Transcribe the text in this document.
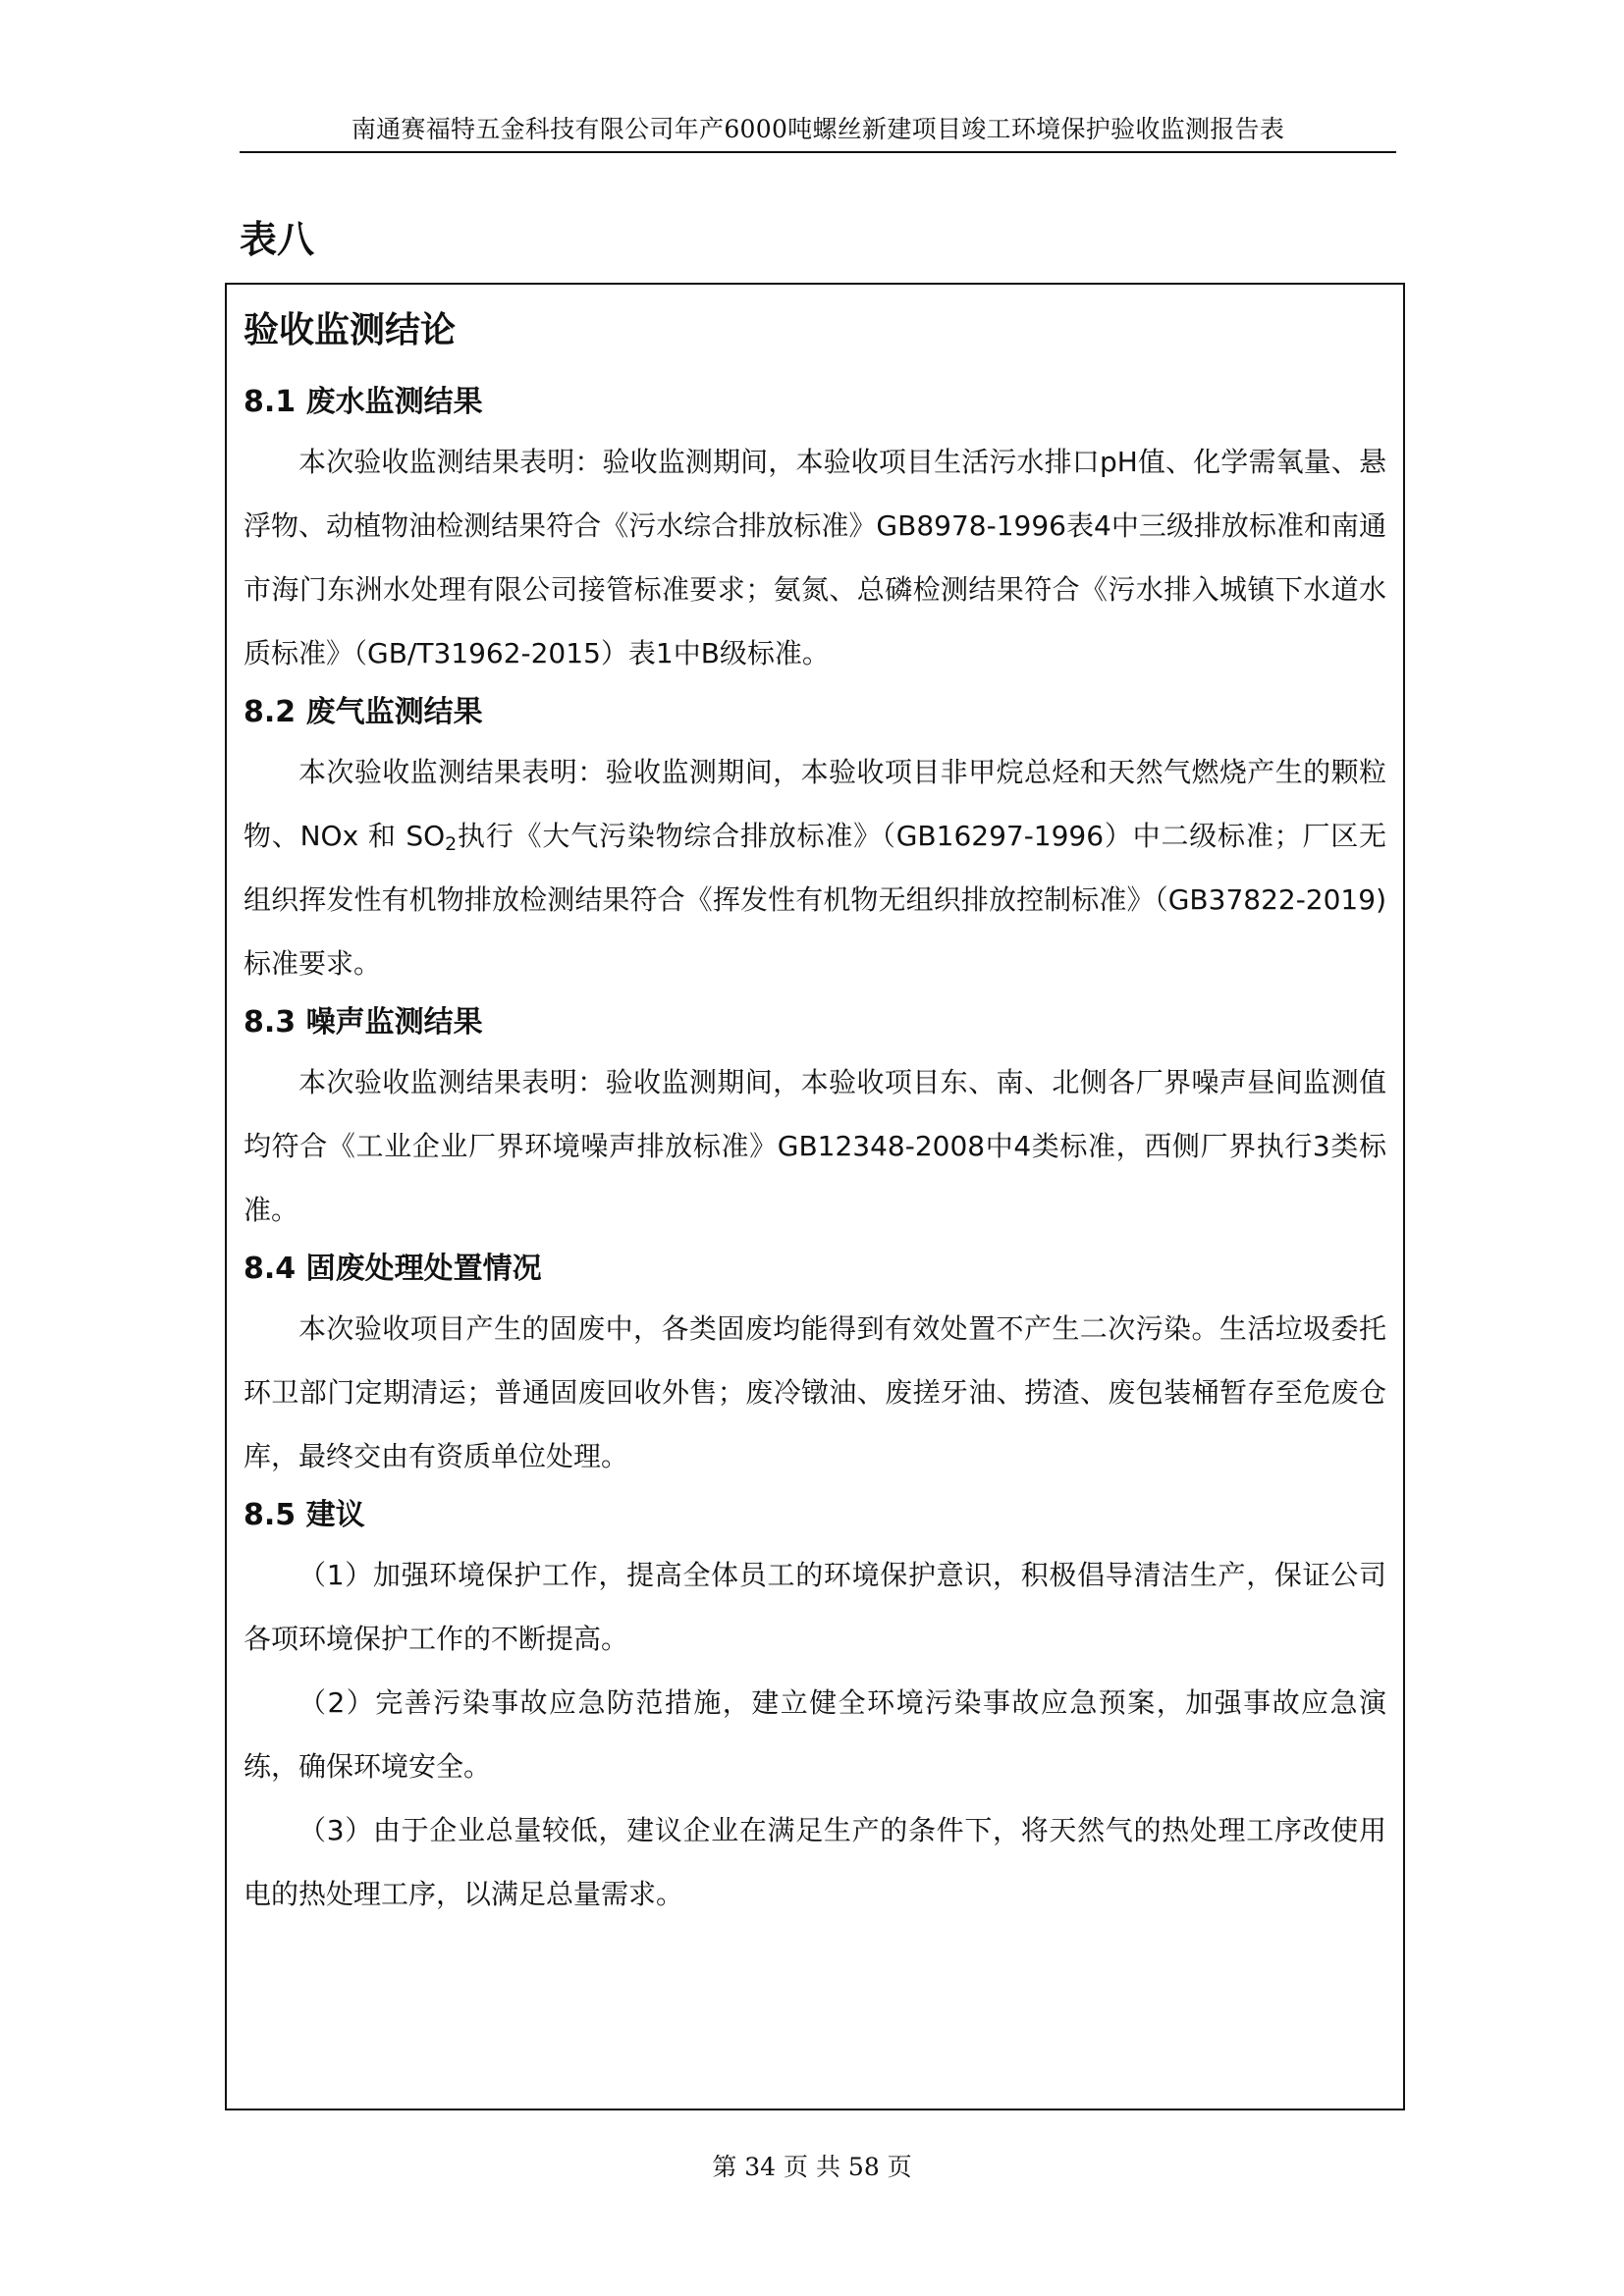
南通赛福特五金科技有限公司年产6000吨螺丝新建项目竣工环境保护验收监测报告表
表八
验收监测结论
8.1 废水监测结果

本次验收监测结果表明：验收监测期间，本验收项目生活污水排口pH值、化学需氧量、悬浮物、动植物油检测结果符合《污水综合排放标准》GB8978-1996表4中三级排放标准和南通市海门东洲水处理有限公司接管标准要求；氨氮、总磷检测结果符合《污水排入城镇下水道水质标准》（GB/T31962-2015）表1中B级标准。

8.2 废气监测结果

本次验收监测结果表明：验收监测期间，本验收项目非甲烷总烃和天然气燃烧产生的颗粒物、NOx 和 $SO_2$执行《大气污染物综合排放标准》（GB16297-1996）中二级标准；厂区无组织挥发性有机物排放检测结果符合《挥发性有机物无组织排放控制标准》（GB37822-2019)标准要求。

8.3 噪声监测结果

本次验收监测结果表明：验收监测期间，本验收项目东、南、北侧各厂界噪声昼间监测值均符合《工业企业厂界环境噪声排放标准》GB12348-2008中4类标准，西侧厂界执行3类标准。

8.4 固废处理处置情况

本次验收项目产生的固废中，各类固废均能得到有效处置不产生二次污染。生活垃圾委托环卫部门定期清运；普通固废回收外售；废冷镦油、废搓牙油、捞渣、废包装桶暂存至危废仓库，最终交由有资质单位处理。

8.5 建议

（1）加强环境保护工作，提高全体员工的环境保护意识，积极倡导清洁生产，保证公司各项环境保护工作的不断提高。

（2）完善污染事故应急防范措施，建立健全环境污染事故应急预案，加强事故应急演练，确保环境安全。

（3）由于企业总量较低，建议企业在满足生产的条件下，将天然气的热处理工序改使用电的热处理工序，以满足总量需求。

第 34 页 共 58 页
